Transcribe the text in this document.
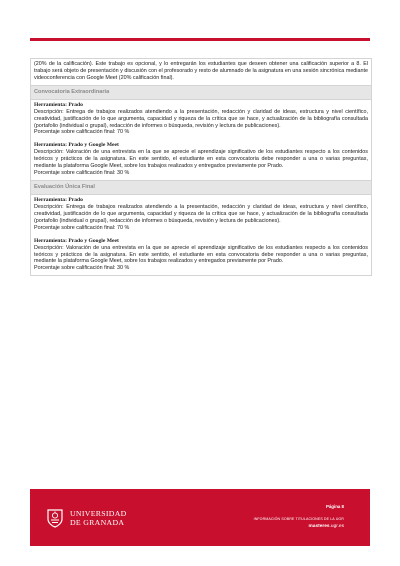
(20% de la calificación). Este trabajo es opcional, y lo entregarán los estudiantes que deseen obtener una calificación superior a 8. El trabajo será objeto de presentación y discusión con el profesorado y resto de alumnado de la asignatura en una sesión sincrónica mediante videoconferencia con Google Meet (20% calificación final).
Convocatoria Extraordinaria
Herramienta: Prado
Descripción: Entrega de trabajos realizados atendiendo a la presentación, redacción y claridad de ideas, estructura y nivel científico, creatividad, justificación de lo que argumenta, capacidad y riqueza de la crítica que se hace, y actualización de la bibliografía consultada (portafolio (individual o grupal), redacción de informes o búsqueda, revisión y lectura de publicaciones).
Porcentaje sobre calificación final: 70 %
Herramienta: Prado y Google Meet
Descripción: Valoración de una entrevista en la que se aprecie el aprendizaje significativo de los estudiantes respecto a los contenidos teóricos y prácticos de la asignatura. En este sentido, el estudiante en esta convocatoria debe responder a una o varias preguntas, mediante la plataforma Google Meet, sobre los trabajos realizados y entregados previamente por Prado.
Porcentaje sobre calificación final: 30 %
Evaluación Única Final
Herramienta: Prado
Descripción: Entrega de trabajos realizados atendiendo a la presentación, redacción y claridad de ideas, estructura y nivel científico, creatividad, justificación de lo que argumenta, capacidad y riqueza de la crítica que se hace, y actualización de la bibliografía consultada (portafolio (individual o grupal), redacción de informes o búsqueda, revisión y lectura de publicaciones).
Porcentaje sobre calificación final: 70 %
Herramienta: Prado y Google Meet
Descripción: Valoración de una entrevista en la que se aprecie el aprendizaje significativo de los estudiantes respecto a los contenidos teóricos y prácticos de la asignatura. En este sentido, el estudiante en esta convocatoria debe responder a una o varias preguntas, mediante la plataforma Google Meet, sobre los trabajos realizados y entregados previamente por Prado.
Porcentaje sobre calificación final: 30 %
UNIVERSIDAD
DE GRANADA
Página 8
INFORMACIÓN SOBRE TITULACIONES DE LA UGR
masteres.ugr.es
